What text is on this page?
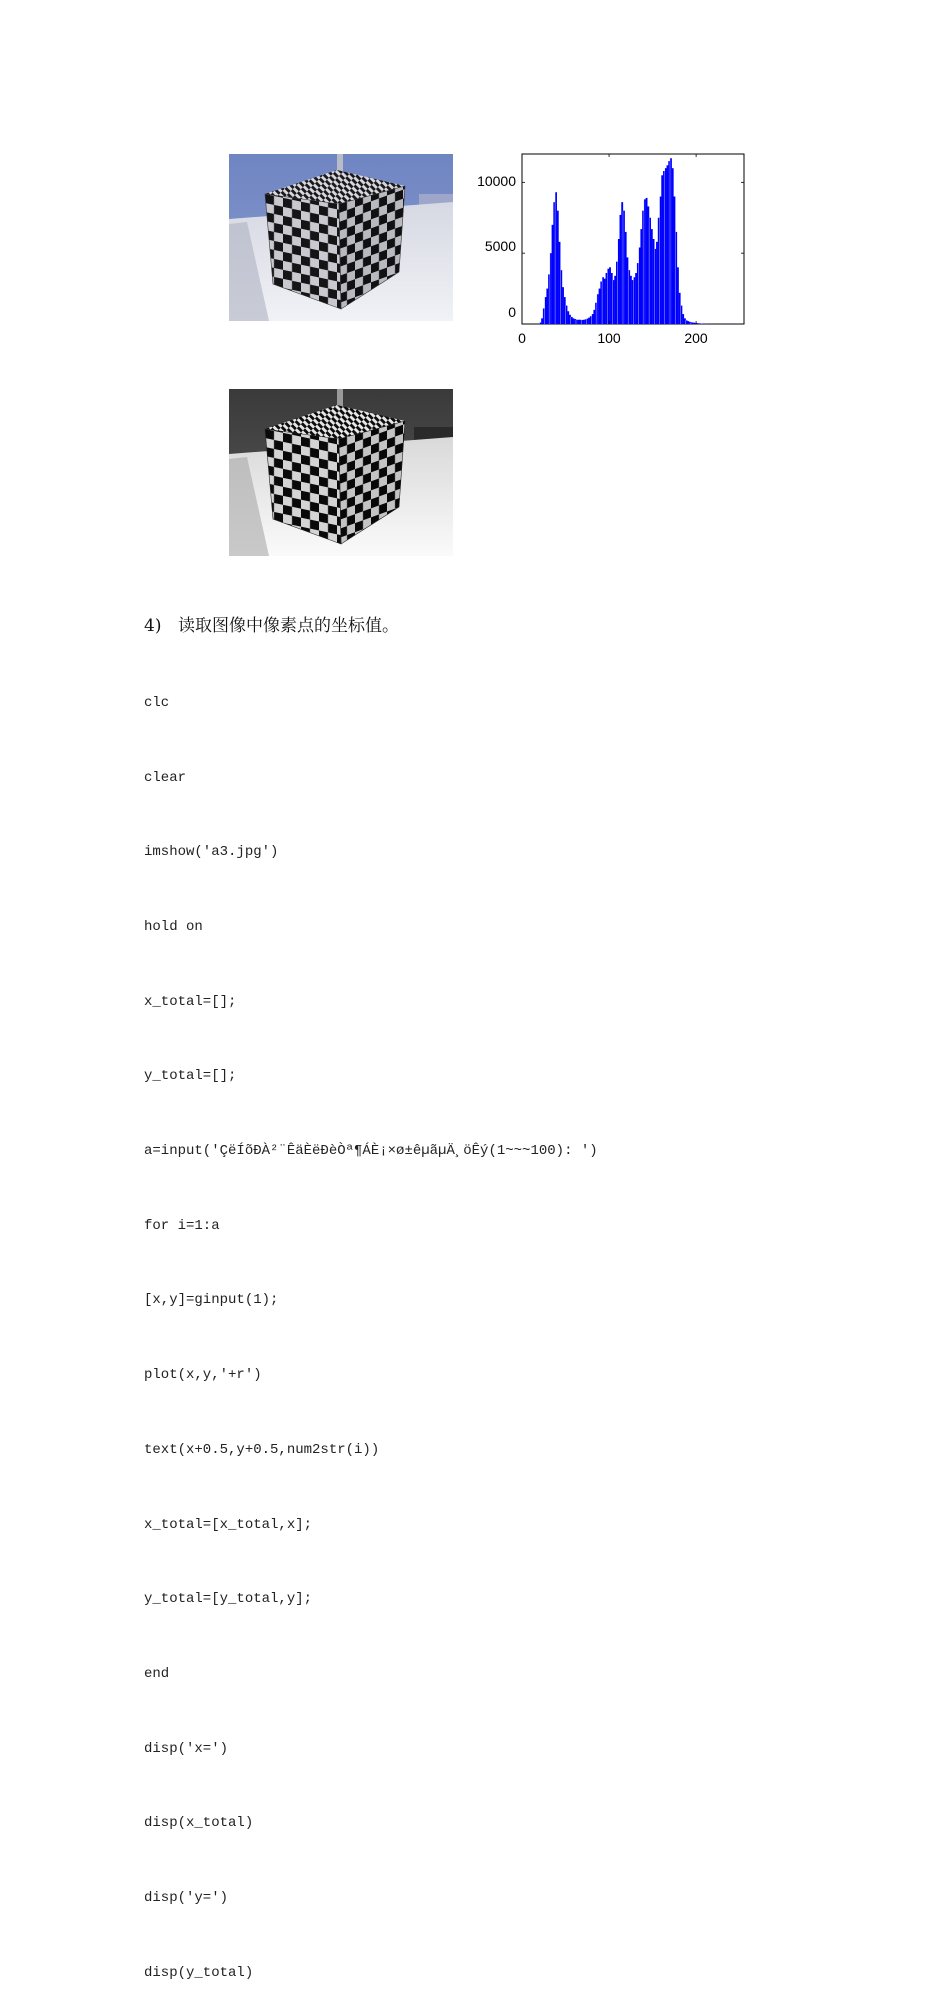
0
5000
10000
0	100	200
4) 读取图像中像素点的坐标值。

clc

clear

imshow('a3.jpg')

hold on

x_total=[];

y_total=[];

a=input('ÇëÍõÐÀ²¨ÊäÈëÐèÒª¶ÁÈ¡×ø±êµãµÄ¸öÊý(1~~~100): ')

for i=1:a

[x,y]=ginput(1);

plot(x,y,'+r')

text(x+0.5,y+0.5,num2str(i))

x_total=[x_total,x];

y_total=[y_total,y];

end

disp('x=')

disp(x_total)

disp('y=')

disp(y_total)
